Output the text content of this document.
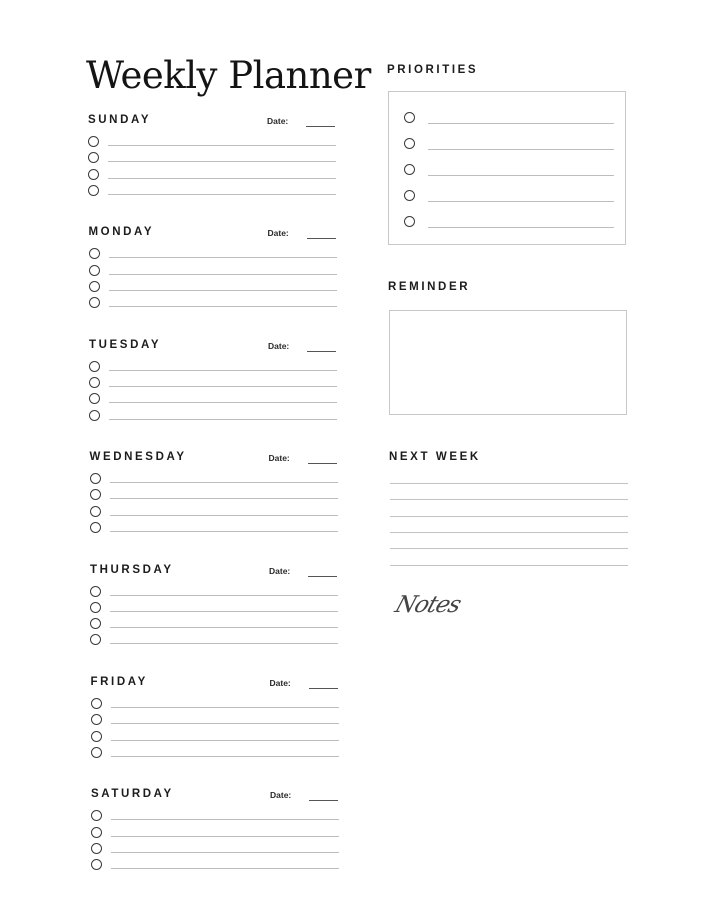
Weekly Planner
SUNDAY	Date:
MONDAY	Date:
TUESDAY	Date:
WEDNESDAY	Date:
THURSDAY	Date:
FRIDAY	Date:
SATURDAY	Date:
PRIORITIES
REMINDER
NEXT WEEK
Notes
